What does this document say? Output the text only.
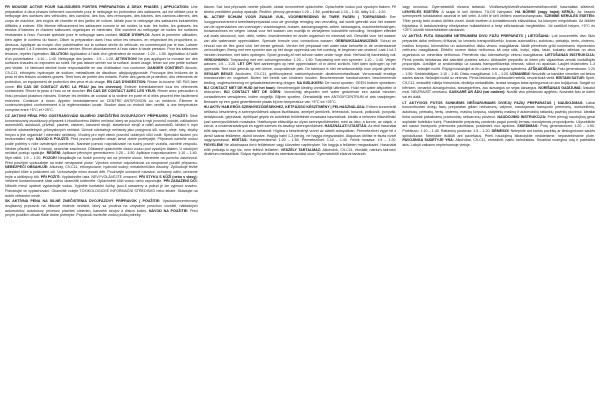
FR MOUSSE ACTIVE POUR SALISSURES FORTES PRÉPARATION À DEUX PHASES | APPLICATION: Une préparation à deux phases fortement concentrée pour le nettoyage en profondeur des salissures, qui est utilisée pour le nettoyage des surfaces des véhicules, des camions, des bus, des remorques, des bâches, des camions-citernes, des corps de machine, des engins de chantier et des jantes de voiture. Idéale pour le nettoyage des salissures industrielles difficiles à enlever. Elle élimine efficacement les salissures comme le sel routier, la suie, les huiles, les graisses, les résidus d'insectes et d'autres salissures organiques et minérales. Elle convient au nettoyage de toutes les surfaces résistantes à l'eau. Formule spéciale pour le nettoyage sans contact. MODE D'EMPLOI: Avant la première utilisation, bien agiter le contenu du flacon. Diluer la préparation dans l'eau selon les besoins, en respectant les proportions ci-dessous. Appliquer au moyen d'un pulvérisateur sur la surface sèche du véhicule, en commençant par le bas. Laisser agir pendant 1 à 3 minutes sans laisser sécher. Rincer abondamment à l'eau claire à haute pression. Pour les salissures tenaces, répéter l'opération. DILUTION: Application à l'aide d'un générateur de mousse : 1:20 – 1:50. Application à l'aide d'un pulvérisateur : 1:10 – 1:40. Nettoyage des jantes : 1:5 – 1:20. ATTENTION! Ne pas appliquer la mousse sur des surfaces chaudes ou exposées au soleil. Ne pas laisser sécher sur la surface. Avant usage, tester sur une petite surface peu visible. Le fabricant décline toute responsabilité en cas d'utilisation non conforme. DANGER CONTIENT: Alcools, C9-C11, éthoxylés; hydroxyde de sodium; métasilicate de disodium; alkylpolyglycoside. Provoque des brûlures de la peau et des lésions oculaires graves. Tenir hors de portée des enfants. Porter des gants de protection, des vêtements de protection, un équipement de protection des yeux et du visage. EN CAS D'INGESTION: Rincer la bouche. NE PAS faire vomir. EN CAS DE CONTACT AVEC LA PEAU (ou les cheveux): Enlever immédiatement tous les vêtements contaminés. Rincer la peau à l'eau ou se doucher. EN CAS DE CONTACT AVEC LES YEUX: Rincer avec précaution à l'eau pendant plusieurs minutes. Enlever les lentilles de contact si la victime en porte et si elles peuvent être facilement enlevées. Continuer à rincer. Appeler immédiatement un CENTRE ANTIPOISON ou un médecin. Éliminer le contenu/récipient conformément à la réglementation locale. Stocker dans un endroit bien ventilé, à une température comprise entre +5°C et +25°C.

CZ AKTIVNÍ PĚNA PRO ODSTRAŇOVÁNÍ SILNÉHO ZNEČIŠTĚNÍ DVOUFÁZOVÝ PŘÍPRAVEK | POUŽITÍ: Silně koncentrovaný dvoufázový přípravek k hloubkovému čištění nečistot, který se používá k mytí povrchů vozidel, nákladních automobilů, autobusů, přívěsů, plachet, cisteren, karoserií strojů, stavebních strojů a ráfků automobilů. Ideální k mytí obtížně odstranitelných průmyslových nečistot. Účinně odstraňuje nečistoty jako posypová sůl, saze, oleje, tuky, zbytky hmyzu a jiné organické i minerální nečistoty. Vhodný pro mytí všech povrchů odolných vůči vodě. Speciální složení pro bezkontaktní mytí. NÁVOD K POUŽITÍ: Před prvním použitím obsah lahve dobře protřepejte. Přípravek nařeďte vodou podle potřeby v níže uvedených poměrech. Naneste pomocí rozprašovače na suchý povrch vozidla, začněte zespodu. Nechte působit 1 až 3 minuty, nenechte zaschnout. Důkladně opláchněte čistou vodou pod vysokým tlakem. U odolných nečistot postup opakujte. ŘEDĚNÍ: Aplikace pěnovým generátorem: 1:20 – 1:50. Aplikace rozprašovačem: 1:10 – 1:40. Mytí ráfků: 1:5 – 1:20. POZOR! Neaplikujte na horké povrchy ani na přímém slunci. Nenechte na povrchu zaschnout. Před použitím vyzkoušejte na malé nenápadné ploše. Výrobce nenese odpovědnost za nesprávné použití přípravku. NEBEZPEČÍ OBSAHUJE: Alkoholy, C9-C11, ethoxylované; hydroxid sodný; metakřemičitan disodný. Způsobuje těžké poleptání kůže a poškození očí. Uchovávejte mimo dosah dětí. Používejte ochranné rukavice, ochranný oděv, ochranné brýle a obličejový štít. PŘI POŽITÍ: Vypláchněte ústa. NEVYVOLÁVEJTE zvracení. PŘI STYKU S KŮŽÍ (nebo s vlasy): Veškeré kontaminované části oděvu okamžitě svlékněte. Opláchněte kůži vodou nebo osprchujte. PŘI ZASAŽENÍ OČÍ: Několik minut opatrně vyplachujte vodou. Vyjměte kontaktní čočky, jsou-li nasazeny a pokud je lze vyjmout snadno. Pokračujte ve vyplachování. Okamžitě volejte TOXIKOLOGICKÉ INFORMAČNÍ STŘEDISKO nebo lékaře. Skladujte na dobře větraném místě.

SK AKTÍVNA PENA NA SILNÉ ZNEČISTENIA DVOJFÁZOVÝ PRÍPRAVOK | POUŽITIE: Vysokokoncentrovaný dvojfázový prípravok na hĺbkové čistenie nečistôt, ktorý sa používa na umývanie povrchov vozidiel, nákladných automobilov, autobusov, prívesov, plachiet, cisterien, karosérií strojov a diskov kolies. NÁVOD NA POUŽITIE: Pred prvým použitím obsah fľaše dobre pretrepte. Prípravok rozrieďte vodou podľa potreby.

tiskom. Sat, ked přípravek nechte působit, oblast rovnoměrně opláchněte. Opláchněte vodou pod vysokým tlakem. Při silném znečištění postup opakujte. Ředění: pěnový generátor 1:20 – 1:50, postřikovač 1:10 – 1:40, ráfky 1:5 – 1:20.

NL ACTIEF SCHUIM VOOR ZWAAR VUIL, VOORBEREIDING IN TWEE FASEN | TOEPASSING: Een hooggeconcentreerd tweefasenpreparaat voor de grondige reiniging van vervuiling, dat wordt gebruikt voor het wassen van de oppervlakken van voertuigen, vrachtwagens, bussen, aanhangwagens, zeilen, tankwagens, machinebehuizingen, bouwmachines en velgen. Ideaal voor het wassen van moeilijk te verwijderen industriële vervuiling. Verwijdert effectief vuil zoals strooizout, roet, oliën, vetten, insectenresten en ander organisch en mineraal vuil. Geschikt voor het wassen van alle watervaste oppervlakken. Speciale formule voor contactloos wassen. GEBRUIKSAANWIJZING: Schud de inhoud van de fles goed vóór het eerste gebruik. Verdun het preparaat met water naar behoefte in de onderstaande verhoudingen. Breng met een sproeier aan op het droge oppervlak van het voertuig, te beginnen van onderaf. Laat 1 tot 3 minuten inwerken, niet laten opdrogen. Spoel grondig af met schoon water onder hoge druk. Herhaal bij hardnekkig vuil. VERDUNNING: Toepassing met een schuimgenerator: 1:20 – 1:50. Toepassing met een sproeier: 1:10 – 1:40. Velgen wassen: 1:5 – 1:20. LET OP! Niet aanbrengen op hete oppervlakken of in direct zonlicht. Niet laten opdrogen op het oppervlak. Test vóór gebruik op een kleine, onopvallende plek. De fabrikant is niet verantwoordelijk voor onjuist gebruik. GEVAAR BEVAT: Alcoholen, C9-C11, geëthoxyleerd; natriumhydroxide; dinatriummetasilicaat. Veroorzaakt ernstige brandwonden en oogletsel. Buiten het bereik van kinderen houden. Beschermende handschoenen, beschermende kleding, oogbescherming en gelaatsbescherming dragen. NA INSLIKKEN: De mond spoelen. GEEN braken opwekken. BIJ CONTACT MET DE HUID (of het haar): Verontreinigde kleding onmiddellijk uittrekken. Huid met water afspoelen of afdouchen. BIJ CONTACT MET DE OGEN: Voorzichtig afspoelen met water gedurende een aantal minuten; contactlenzen verwijderen, indien mogelijk. Blijven spoelen. Onmiddellijk een ANTIGIFCENTRUM of arts raadplegen. Bewaren op een goed geventileerde plaats bij een temperatuur van +5°C tot +25°C.

HU AKTÍV HAB ERŐS SZENNYEZŐDÉSEKHEZ, KÉTFÁZISÚ KÉSZÍTMÉNY | FELHASZNÁLÁSA: Erősen koncentrált kétfázisú készítmény a szennyeződések alapos tisztítására, amelyet járművek, teherautók, buszok, pótkocsik, ponyvák, tartálykocsik, gépházak, építőipari gépek és autófelnik felületeinek mosására használnak. Ideális a nehezen eltávolítható ipari szennyeződések mosására. Hatékonyan eltávolítja az olyan szennyeződéseket, mint az útsó, a korom, az olajok, a zsírok, a rovarmaradványok és egyéb szerves és ásványi szennyeződések. HASZNÁLATI UTASÍTÁS: Az első használat előtt alaposan rázza fel a palack tartalmát. Hígítsa a készítményt vízzel az alábbi arányokban. Permetezővel vigye fel a jármű száraz felületére, alulról kezdve. Hagyja hatni 1-3 percig, ne hagyja megszáradni. Alaposan öblítse le tiszta vízzel nagynyomással. HÍGÍTÁS: Habgenerátorral: 1:20 – 1:50. Permetezővel: 1:10 – 1:40. Felnik mosása: 1:5 – 1:20. FIGYELEM! Ne alkalmazza forró felületeken vagy közvetlen napfényben. Ne hagyja a felületen megszáradni. Használat előtt próbálja ki egy kis, nem feltűnő felületen. VESZÉLY TARTALMAZ: Alkoholok, C9-C11, etoxilált; nátrium-hidroxid; dinátrium-metaszilikát. Súlyos égési sérülést és szemkárosodást okoz. Gyermekektől elzárva tartandó.

vagy orvoshoz. Gyermekektől elzárva tartandó. Védőkesztyű/védőruha/szemvédő/arcvédő használata kötelező. LENYELÉS ESETÉN: A szájat ki kell öblíteni. TILOS hánytatni. HA BŐRRE (vagy hajra) KERÜL: Az összes szennyezett ruhadarabot azonnal le kell vetni. A bőrt le kell öblíteni vízzel/zuhanyozás. SZEMBE KERÜLÉS ESETÉN: Több percig tartó óvatos öblítés vízzel. Adott esetben a kontaktlencsék eltávolítása, ha könnyen megoldható. Az öblítés folytatása. A tartalom/edény elhelyezése hulladékként a helyi előírásoknak megfelelően. Jól szellőző helyen, +5°C és +25°C közötti hőmérsékleten tárolandó.

LV AKTĪVĀ PUTA SMAGIEM NETĪRUMIEM DIVU FĀŽU PREPARĀTS | LIETOŠANA: Ļoti koncentrēts divu fāžu preparāts dziļai netīrumu tīrīšanai, ko izmanto transportlīdzekļu, kravas automašīnu, autobusu, piekabju, tentu, cisternu, mašīnu korpusu, būvmašīnu un automašīnu disku virsmu mazgāšanai. Ideāli piemērots grūti noņemamu rūpniecisko netīrumu mazgāšanai. Efektīvi noņem tādus netīrumus kā ceļa sāls, kvēpi, eļļas, tauki, kukaiņu atliekas un citus organiskos un minerālos netīrumus. Piemērots visu ūdensizturīgo virsmu mazgāšanai. LIETOŠANAS INSTRUKCIJA: Pirms pirmās lietošanas labi sakratiet pudeles saturu. Atšķaidiet preparātu ar ūdeni pēc vajadzības zemāk norādītajās proporcijās. Uzklājiet ar smidzinātāju uz sausas transportlīdzekļa virsmas, sākot no apakšas. Ļaujiet iedarboties 1-3 minūtes, neļaujiet nožūt. Rūpīgi noskalojiet ar tīru ūdeni zem augsta spiediena. ATŠĶAIDĪŠANA: Putu ģeneratoram: 1:20 – 1:50. Smidzinātājam: 1:10 – 1:40. Disku mazgāšanai: 1:5 – 1:20. UZMANĪBU! Neuzklāt uz karstām virsmām vai tiešos saules staros. Neļaujiet nožūt uz virsmas. Pirms lietošanas pārbaudiet nelielā, neuzkrītošā vietā. BĪSTAMI SATUR: Spirti, C9-C11, etoksilēti; nātrija hidroksīds; dinātrija metasilikāts. Izraisa smagus ādas apdegumus un acu bojājumus. Sargāt no bērniem. Izmantot aizsargcimdus, aizsargdrēbes, acu aizsargus un sejas aizsargus. NORĪŠANAS GADĪJUMĀ: Izskalot muti. NEIZRAISĪT vemšanu. SASKARĒ AR ĀDU (vai matiem): Novilkt visu piesārņoto apģērbu. Noskalot ādu ar ūdeni vai iet dušā.

LT AKTYVIOS PUTOS SUNKIEMS NEŠVARUMAMS DVIEJŲ FAZIŲ PREPARATAS | NAUDOJIMAS: Labai koncentruotas dviejų fazių preparatas giliam nešvarumų valymui, naudojamas transporto priemonių, sunkvežimių, autobusų, priekabų, tentų, cisternų, mašinų korpusų, statybinių mašinų ir automobilių ratlankių paviršių plovimui. Idealiai tinka sunkiai pašalinamų pramoninių nešvarumų plovimui. NAUDOJIMO INSTRUKCIJA: Prieš pirmąjį naudojimą gerai suplakite buteliuko turinį. Praskieskite preparatą vandeniu pagal poreikį žemiau nurodytomis proporcijomis. Užpurkškite ant sauso transporto priemonės paviršiaus, pradedant nuo apačios. SKIEDIMAS: Putų generatoriumi: 1:20 – 1:50. Purkštuvu: 1:10 – 1:40. Ratlankių plovimas: 1:5 – 1:20. DĖMESIO! Netepkite ant karštų paviršių ar tiesioginiuose saulės spinduliuose. Neleiskite išdžiūti ant paviršiaus. Prieš naudojimą išbandykite nedideliame, nepastebimame plote. PAVOJINGA SUDĖTYJE YRA: Alkoholiai, C9-C11, etoksilinti; natrio hidroksidas. Smarkiai nudegina odą ir pažeidžia akis. Laikyti vaikams neprieinamoje vietoje.
